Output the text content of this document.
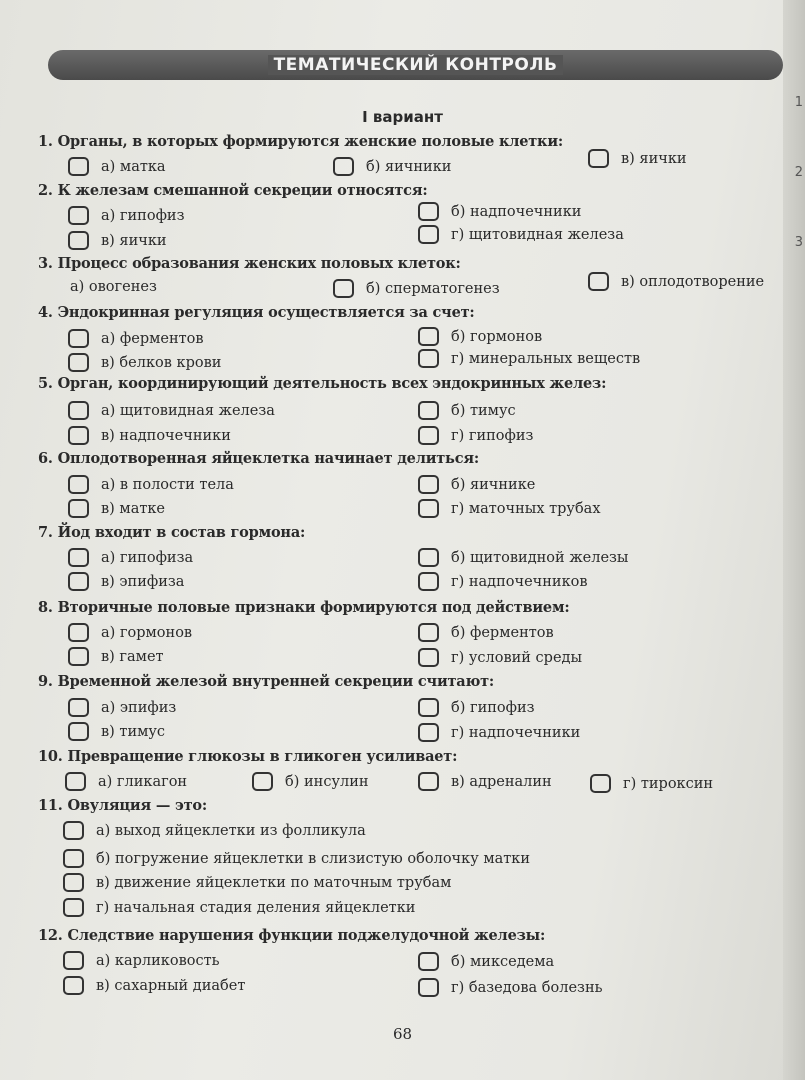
1
2
3
ТЕМАТИЧЕСКИЙ КОНТРОЛЬ
I вариант
1. Органы, в которых формируются женские половые клетки:
а) матка	б) яичники	в) яички
2. К железам смешанной секреции относятся:
а) гипофиз	б) надпочечники
в) яички	г) щитовидная железа
3. Процесс образования женских половых клеток:
а) овогенез	б) сперматогенез	в) оплодотворение
4. Эндокринная регуляция осуществляется за счет:
а) ферментов	б) гормонов
в) белков крови	г) минеральных веществ
5. Орган, координирующий деятельность всех эндокринных желез:
а) щитовидная железа	б) тимус
в) надпочечники	г) гипофиз
6. Оплодотворенная яйцеклетка начинает делиться:
а) в полости тела	б) яичнике
в) матке	г) маточных трубах
7. Йод входит в состав гормона:
а) гипофиза	б) щитовидной железы
в) эпифиза	г) надпочечников
8. Вторичные половые признаки формируются под действием:
а) гормонов	б) ферментов
в) гамет	г) условий среды
9. Временной железой внутренней секреции считают:
а) эпифиз	б) гипофиз
в) тимус	г) надпочечники
10. Превращение глюкозы в гликоген усиливает:
а) гликагон	б) инсулин	в) адреналин	г) тироксин
11. Овуляция — это:
а) выход яйцеклетки из фолликула
б) погружение яйцеклетки в слизистую оболочку матки
в) движение яйцеклетки по маточным трубам
г) начальная стадия деления яйцеклетки
12. Следствие нарушения функции поджелудочной железы:
а) карликовость	б) микседема
в) сахарный диабет	г) базедова болезнь
68
